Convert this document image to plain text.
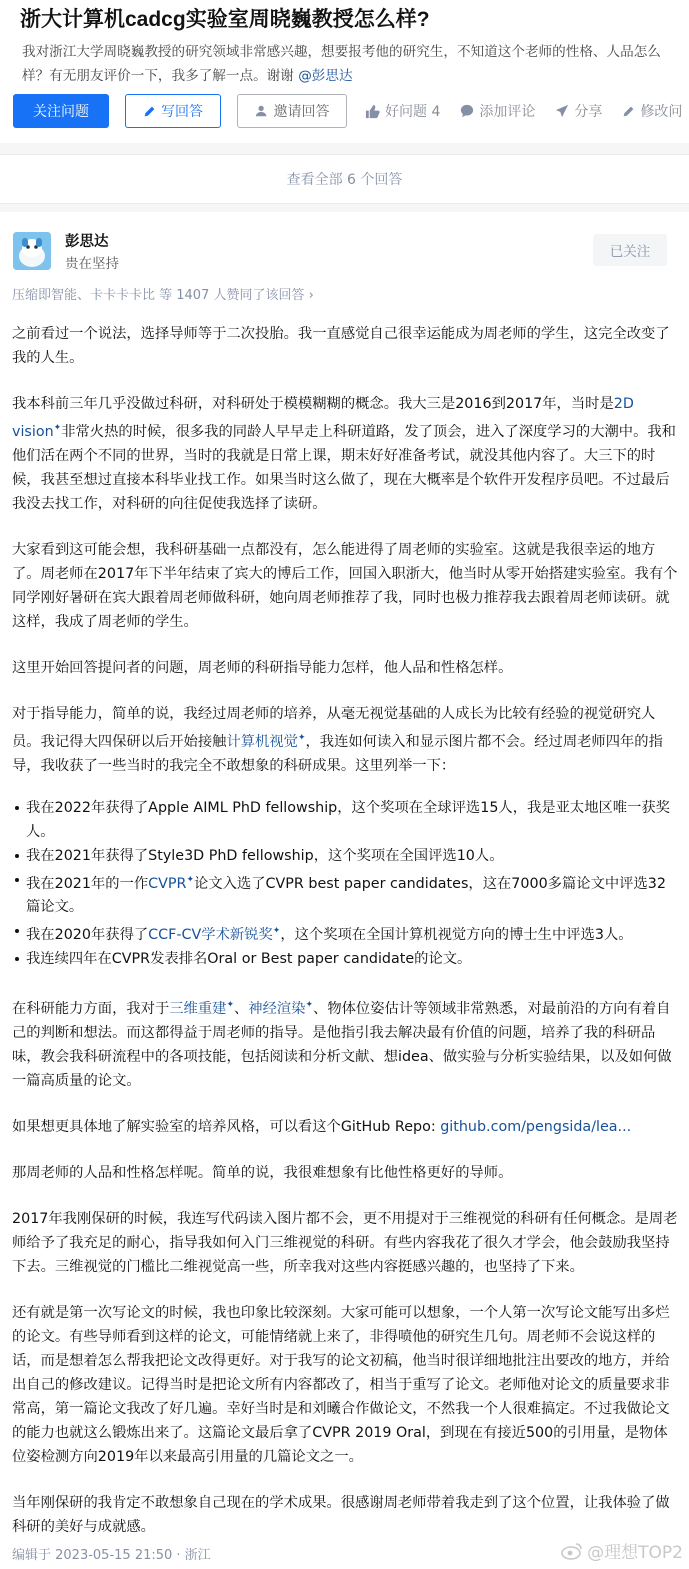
浙大计算机cadcg实验室周晓巍教授怎么样?
我对浙江大学周晓巍教授的研究领域非常感兴趣，想要报考他的研究生，不知道这个老师的性格、人品怎么样？有无朋友评价一下，我多了解一点。谢谢 @彭思达
关注问题	写回答	邀请回答	好问题 4	添加评论	分享	修改问
查看全部 6 个回答
彭思达
贵在坚持
已关注
压缩即智能、卡卡卡卡比 等 1407 人赞同了该回答 ›

之前看过一个说法，选择导师等于二次投胎。我一直感觉自己很幸运能成为周老师的学生，这完全改变了我的人生。

我本科前三年几乎没做过科研，对科研处于模模糊糊的概念。我大三是2016到2017年，当时是2D vision✦非常火热的时候，很多我的同龄人早早走上科研道路，发了顶会，进入了深度学习的大潮中。我和他们活在两个不同的世界，当时的我就是日常上课，期末好好准备考试，就没其他内容了。大三下的时候，我甚至想过直接本科毕业找工作。如果当时这么做了，现在大概率是个软件开发程序员吧。不过最后我没去找工作，对科研的向往促使我选择了读研。

大家看到这可能会想，我科研基础一点都没有，怎么能进得了周老师的实验室。这就是我很幸运的地方了。周老师在2017年下半年结束了宾大的博后工作，回国入职浙大，他当时从零开始搭建实验室。我有个同学刚好暑研在宾大跟着周老师做科研，她向周老师推荐了我，同时也极力推荐我去跟着周老师读研。就这样，我成了周老师的学生。

这里开始回答提问者的问题，周老师的科研指导能力怎样，他人品和性格怎样。

对于指导能力，简单的说，我经过周老师的培养，从毫无视觉基础的人成长为比较有经验的视觉研究人员。我记得大四保研以后开始接触计算机视觉✦，我连如何读入和显示图片都不会。经过周老师四年的指导，我收获了一些当时的我完全不敢想象的科研成果。这里列举一下：

我在2022年获得了Apple AIML PhD fellowship，这个奖项在全球评选15人，我是亚太地区唯一获奖人。
我在2021年获得了Style3D PhD fellowship，这个奖项在全国评选10人。
我在2021年的一作CVPR✦论文入选了CVPR best paper candidates，这在7000多篇论文中评选32篇论文。
我在2020年获得了CCF-CV学术新锐奖✦，这个奖项在全国计算机视觉方向的博士生中评选3人。
我连续四年在CVPR发表排名Oral or Best paper candidate的论文。

在科研能力方面，我对于三维重建✦、神经渲染✦、物体位姿估计等领域非常熟悉，对最前沿的方向有着自己的判断和想法。而这都得益于周老师的指导。是他指引我去解决最有价值的问题，培养了我的科研品味，教会我科研流程中的各项技能，包括阅读和分析文献、想idea、做实验与分析实验结果，以及如何做一篇高质量的论文。

如果想更具体地了解实验室的培养风格，可以看这个GitHub Repo: github.com/pengsida/lea...

那周老师的人品和性格怎样呢。简单的说，我很难想象有比他性格更好的导师。

2017年我刚保研的时候，我连写代码读入图片都不会，更不用提对于三维视觉的科研有任何概念。是周老师给予了我充足的耐心，指导我如何入门三维视觉的科研。有些内容我花了很久才学会，他会鼓励我坚持下去。三维视觉的门槛比二维视觉高一些，所幸我对这些内容挺感兴趣的，也坚持了下来。

还有就是第一次写论文的时候，我也印象比较深刻。大家可能可以想象，一个人第一次写论文能写出多烂的论文。有些导师看到这样的论文，可能情绪就上来了，非得喷他的研究生几句。周老师不会说这样的话，而是想着怎么帮我把论文改得更好。对于我写的论文初稿，他当时很详细地批注出要改的地方，并给出自己的修改建议。记得当时是把论文所有内容都改了，相当于重写了论文。老师他对论文的质量要求非常高，第一篇论文我改了好几遍。幸好当时是和刘曦合作做论文，不然我一个人很难搞定。不过我做论文的能力也就这么锻炼出来了。这篇论文最后拿了CVPR 2019 Oral，到现在有接近500的引用量，是物体位姿检测方向2019年以来最高引用量的几篇论文之一。

当年刚保研的我肯定不敢想象自己现在的学术成果。很感谢周老师带着我走到了这个位置，让我体验了做科研的美好与成就感。

编辑于 2023-05-15 21:50 · 浙江	@理想TOP2
